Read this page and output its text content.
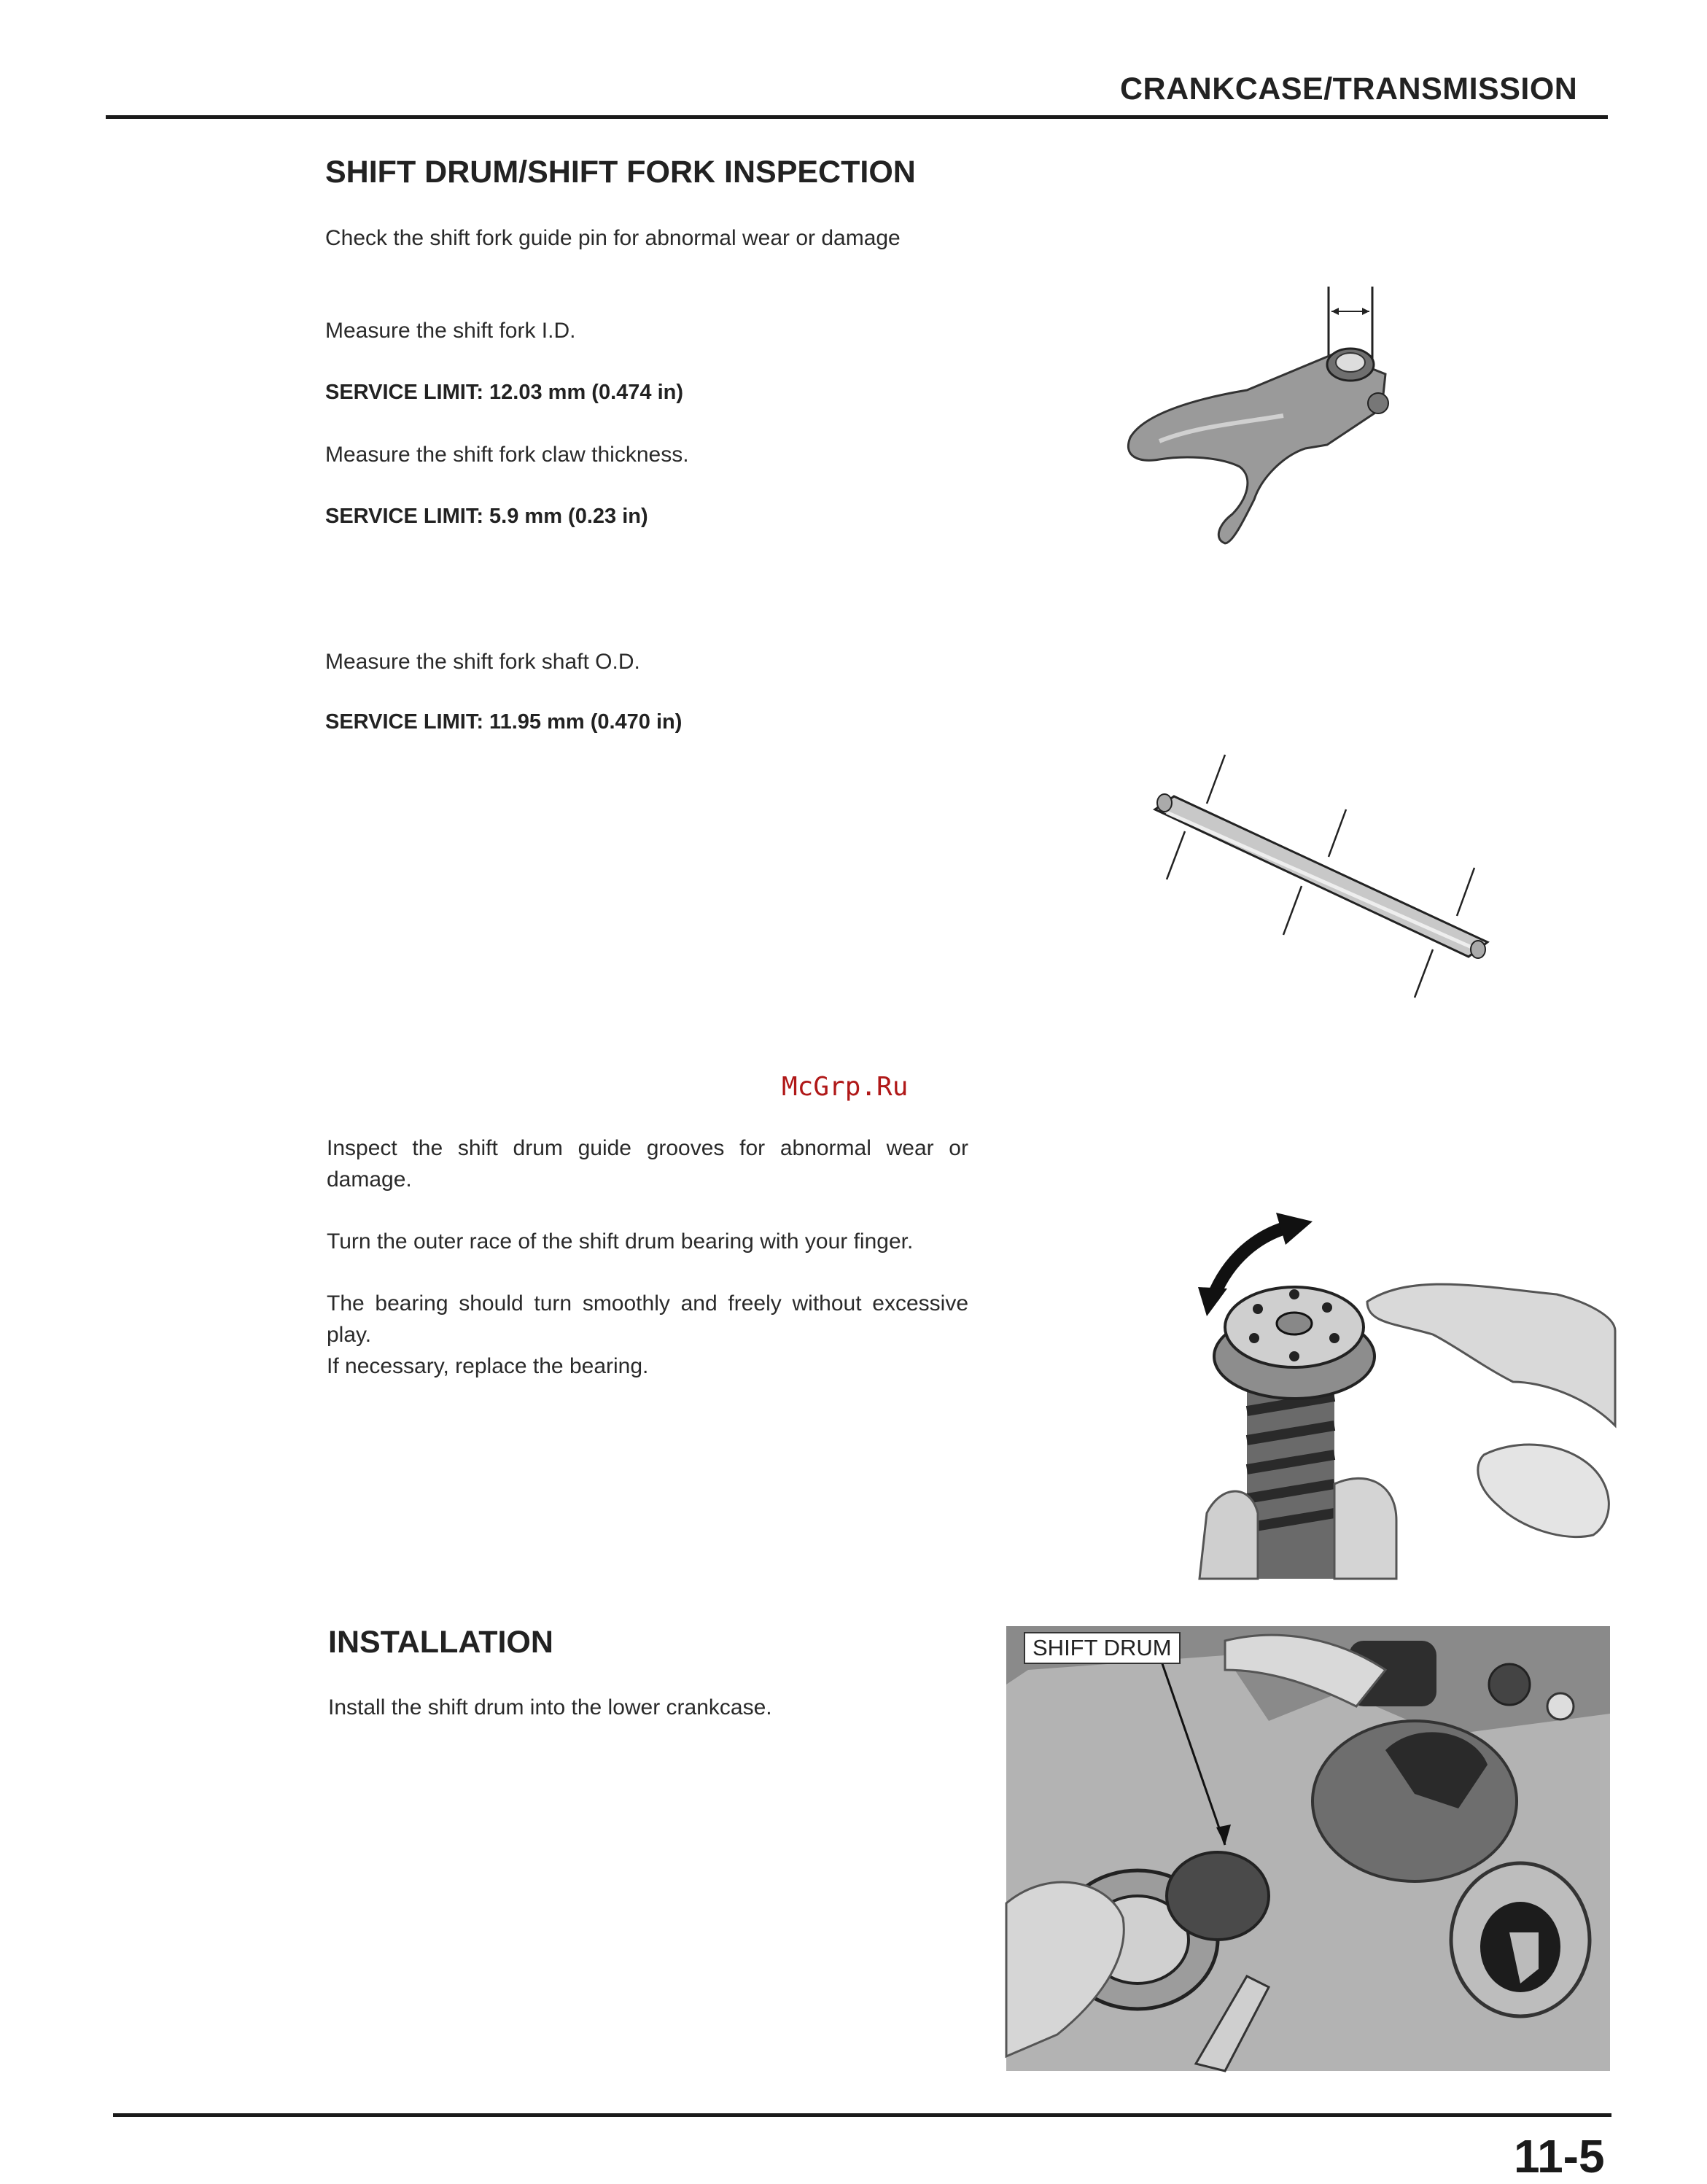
CRANKCASE/TRANSMISSION
SHIFT DRUM/SHIFT FORK INSPECTION
Check the shift fork guide pin for abnormal wear or damage
Measure the shift fork I.D.
SERVICE LIMIT: 12.03 mm (0.474 in)
Measure the shift fork claw thickness.
SERVICE LIMIT: 5.9 mm (0.23 in)
Measure the shift fork shaft O.D.
SERVICE LIMIT: 11.95 mm (0.470 in)
McGrp.Ru
Inspect the shift drum guide grooves for abnormal wear or damage.
Turn the outer race of the shift drum bearing with your finger.
The bearing should turn smoothly and freely without excessive play.
If necessary, replace the bearing.
INSTALLATION
Install the shift drum into the lower crankcase.
SHIFT DRUM
11-5
